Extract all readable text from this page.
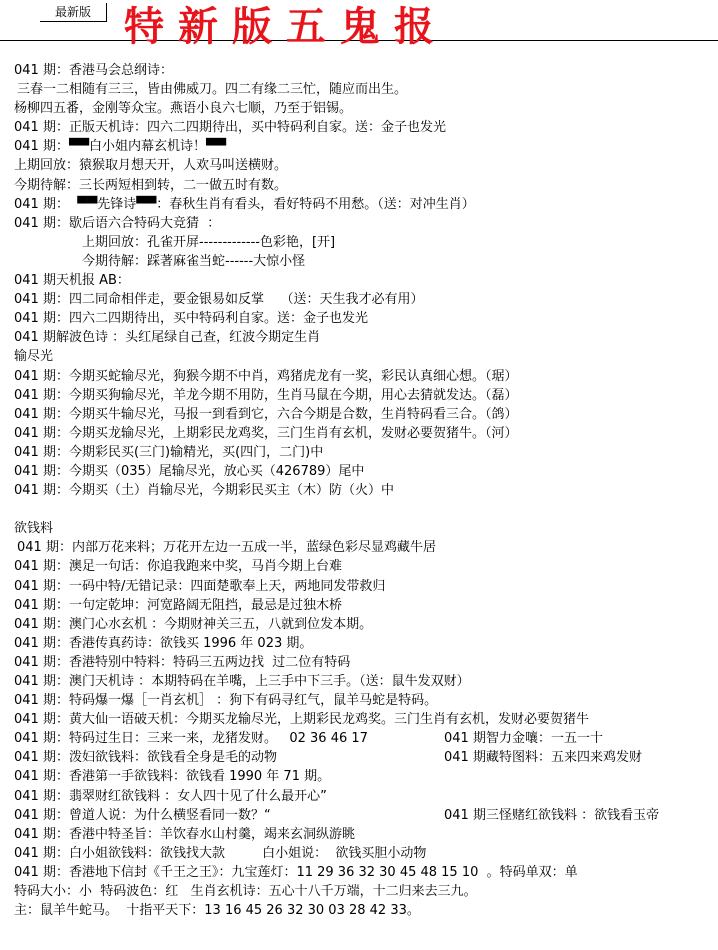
最新版 特新版五鬼报
041 期：香港马会总纲诗：
三春一二相随有三三，皆由佛威刀。四二有缘二三忙，随应而出生。
杨柳四五番，金刚等众宝。燕语小良六七顺，乃至于铝锡。
041 期：正版天机诗：四六二四期待出，买中特码利自家。送：金子也发光
041 期：▀▀白小姐内幕玄机诗！▀▀
上期回放：猿猴取月想天开，人欢马叫送横财。
今期待解：三长两短相到转，二一做五时有数。
041 期：  ▀▀先锋诗▀▀：春秋生肖有看头，看好特码不用愁。（送：对冲生肖）
041 期：歇后语六合特码大竞猜  ：
上期回放：孔雀开屏-------------色彩艳，[开]
今期待解：踩著麻雀当蛇------大惊小怪
041 期天机报 AB：
041 期：四二同命相伴走，要金银易如反掌    （送：天生我才必有用）
041 期：四六二四期待出，买中特码利自家。送：金子也发光
041 期解波色诗 ：头红尾绿自己查，红波今期定生肖
输尽光
041 期：今期买蛇输尽光，狗猴今期不中肖，鸡猪虎龙有一奖，彩民认真细心想。（琚）
041 期：今期买狗输尽光，羊龙今期不用防，生肖马鼠在今期，用心去猜就发达。（磊）
041 期：今期买牛输尽光，马报一到看到它，六合今期是合数，生肖特码看三合。（鸽）
041 期：今期买龙输尽光，上期彩民龙鸡奖，三门生肖有玄机，发财必要贺猪牛。（河）
041 期：今期彩民买(三门)输精光，买(四门，二门)中
041 期：今期买（035）尾输尽光，放心买（426789）尾中
041 期：今期买（土）肖输尽光，今期彩民买主（木）防（火）中
欲钱料
041 期：内部万花来料；万花开左边一五成一半，蓝绿色彩尽显鸡藏牛居
041 期：澳足一句话：你追我跑来中奖，马肖今期上台难
041 期：一码中特/无错记录：四面楚歌奉上天，两地同发带救归
041 期：一句定乾坤：河宽路阔无阻挡，最忌是过独木桥
041 期：澳门心水玄机 ：今期财神关三五，八就到位发本期。
041 期：香港传真药诗：欲钱买 1996 年 023 期。
041 期：香港特别中特料：特码三五两边找  过二位有特码
041 期：澳门天机诗 ：本期特码在羊嘴，上三手中下三手。（送：鼠牛发双财）
041 期：特码爆一爆［一肖玄机］ ：狗下有码寻红气，鼠羊马蛇是特码。
041 期：黄大仙一语破天机：今期买龙输尽光，上期彩民龙鸡奖。三门生肖有玄机，发财必要贺猪牛
041 期：特码过生日：三来一来，龙猪发财。   02 36 46 17	041 期智力金嚷：一五一十
041 期：泼妇欲钱料：欲钱看全身是毛的动物	041 期藏特图料：五来四来鸡发财
041 期：香港第一手欲钱料：欲钱看 1990 年 71 期。
041 期：翡翠财红欲钱料 ：女人四十见了什么最开心”
041 期：曾道人说：为什么横竖看同一数？“	041 期三怪赌红欲钱料 ：欲钱看玉帝
041 期：香港中特圣旨：羊饮春水山村羹，竭来玄洞纵游眺
041 期：白小姐欲钱料：欲钱找大款         白小姐说：  欲钱买胆小动物
041 期：香港地下信封《千王之王》：九宝莲灯：11 29 36 32 30 45 48 15 10  。特码单双：单
特码大小：小  特码波色：红   生肖玄机诗：五心十八千万端，十二归来去三九。
主：鼠羊牛蛇马。  十指平天下：13 16 45 26 32 30 03 28 42 33。
